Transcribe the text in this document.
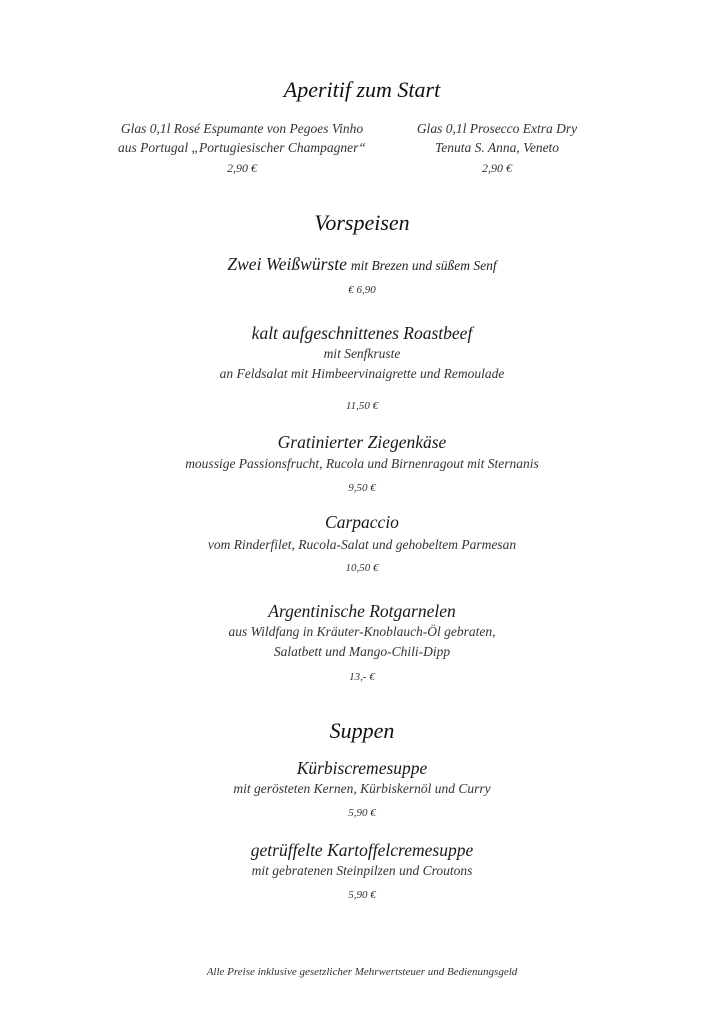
Aperitif zum Start
Glas 0,1l Rosé Espumante von Pegoes Vinho
aus Portugal „Portugiesischer Champagner“
2,90 €
Glas 0,1l Prosecco Extra Dry
Tenuta S. Anna, Veneto
2,90 €
Vorspeisen
Zwei Weißwürste mit Brezen und süßem Senf
€ 6,90
kalt aufgeschnittenes Roastbeef
mit Senfkruste
an Feldsalat mit Himbeervinaigrette und Remoulade
11,50 €
Gratinierter Ziegenkäse
moussige Passionsfrucht, Rucola und Birnenragout mit Sternanis
9,50 €
Carpaccio
vom Rinderfilet, Rucola-Salat und gehobeltem Parmesan
10,50 €
Argentinische Rotgarnelen
aus Wildfang in Kräuter-Knoblauch-Öl gebraten,
Salatbett und Mango-Chili-Dipp
13,- €
Suppen
Kürbiscremesuppe
mit gerösteten Kernen, Kürbiskernöl und Curry
5,90 €
getrüffelte Kartoffelcremesuppe
mit gebratenen Steinpilzen und Croutons
5,90 €
Alle Preise inklusive gesetzlicher Mehrwertsteuer und Bedienungsgeld
